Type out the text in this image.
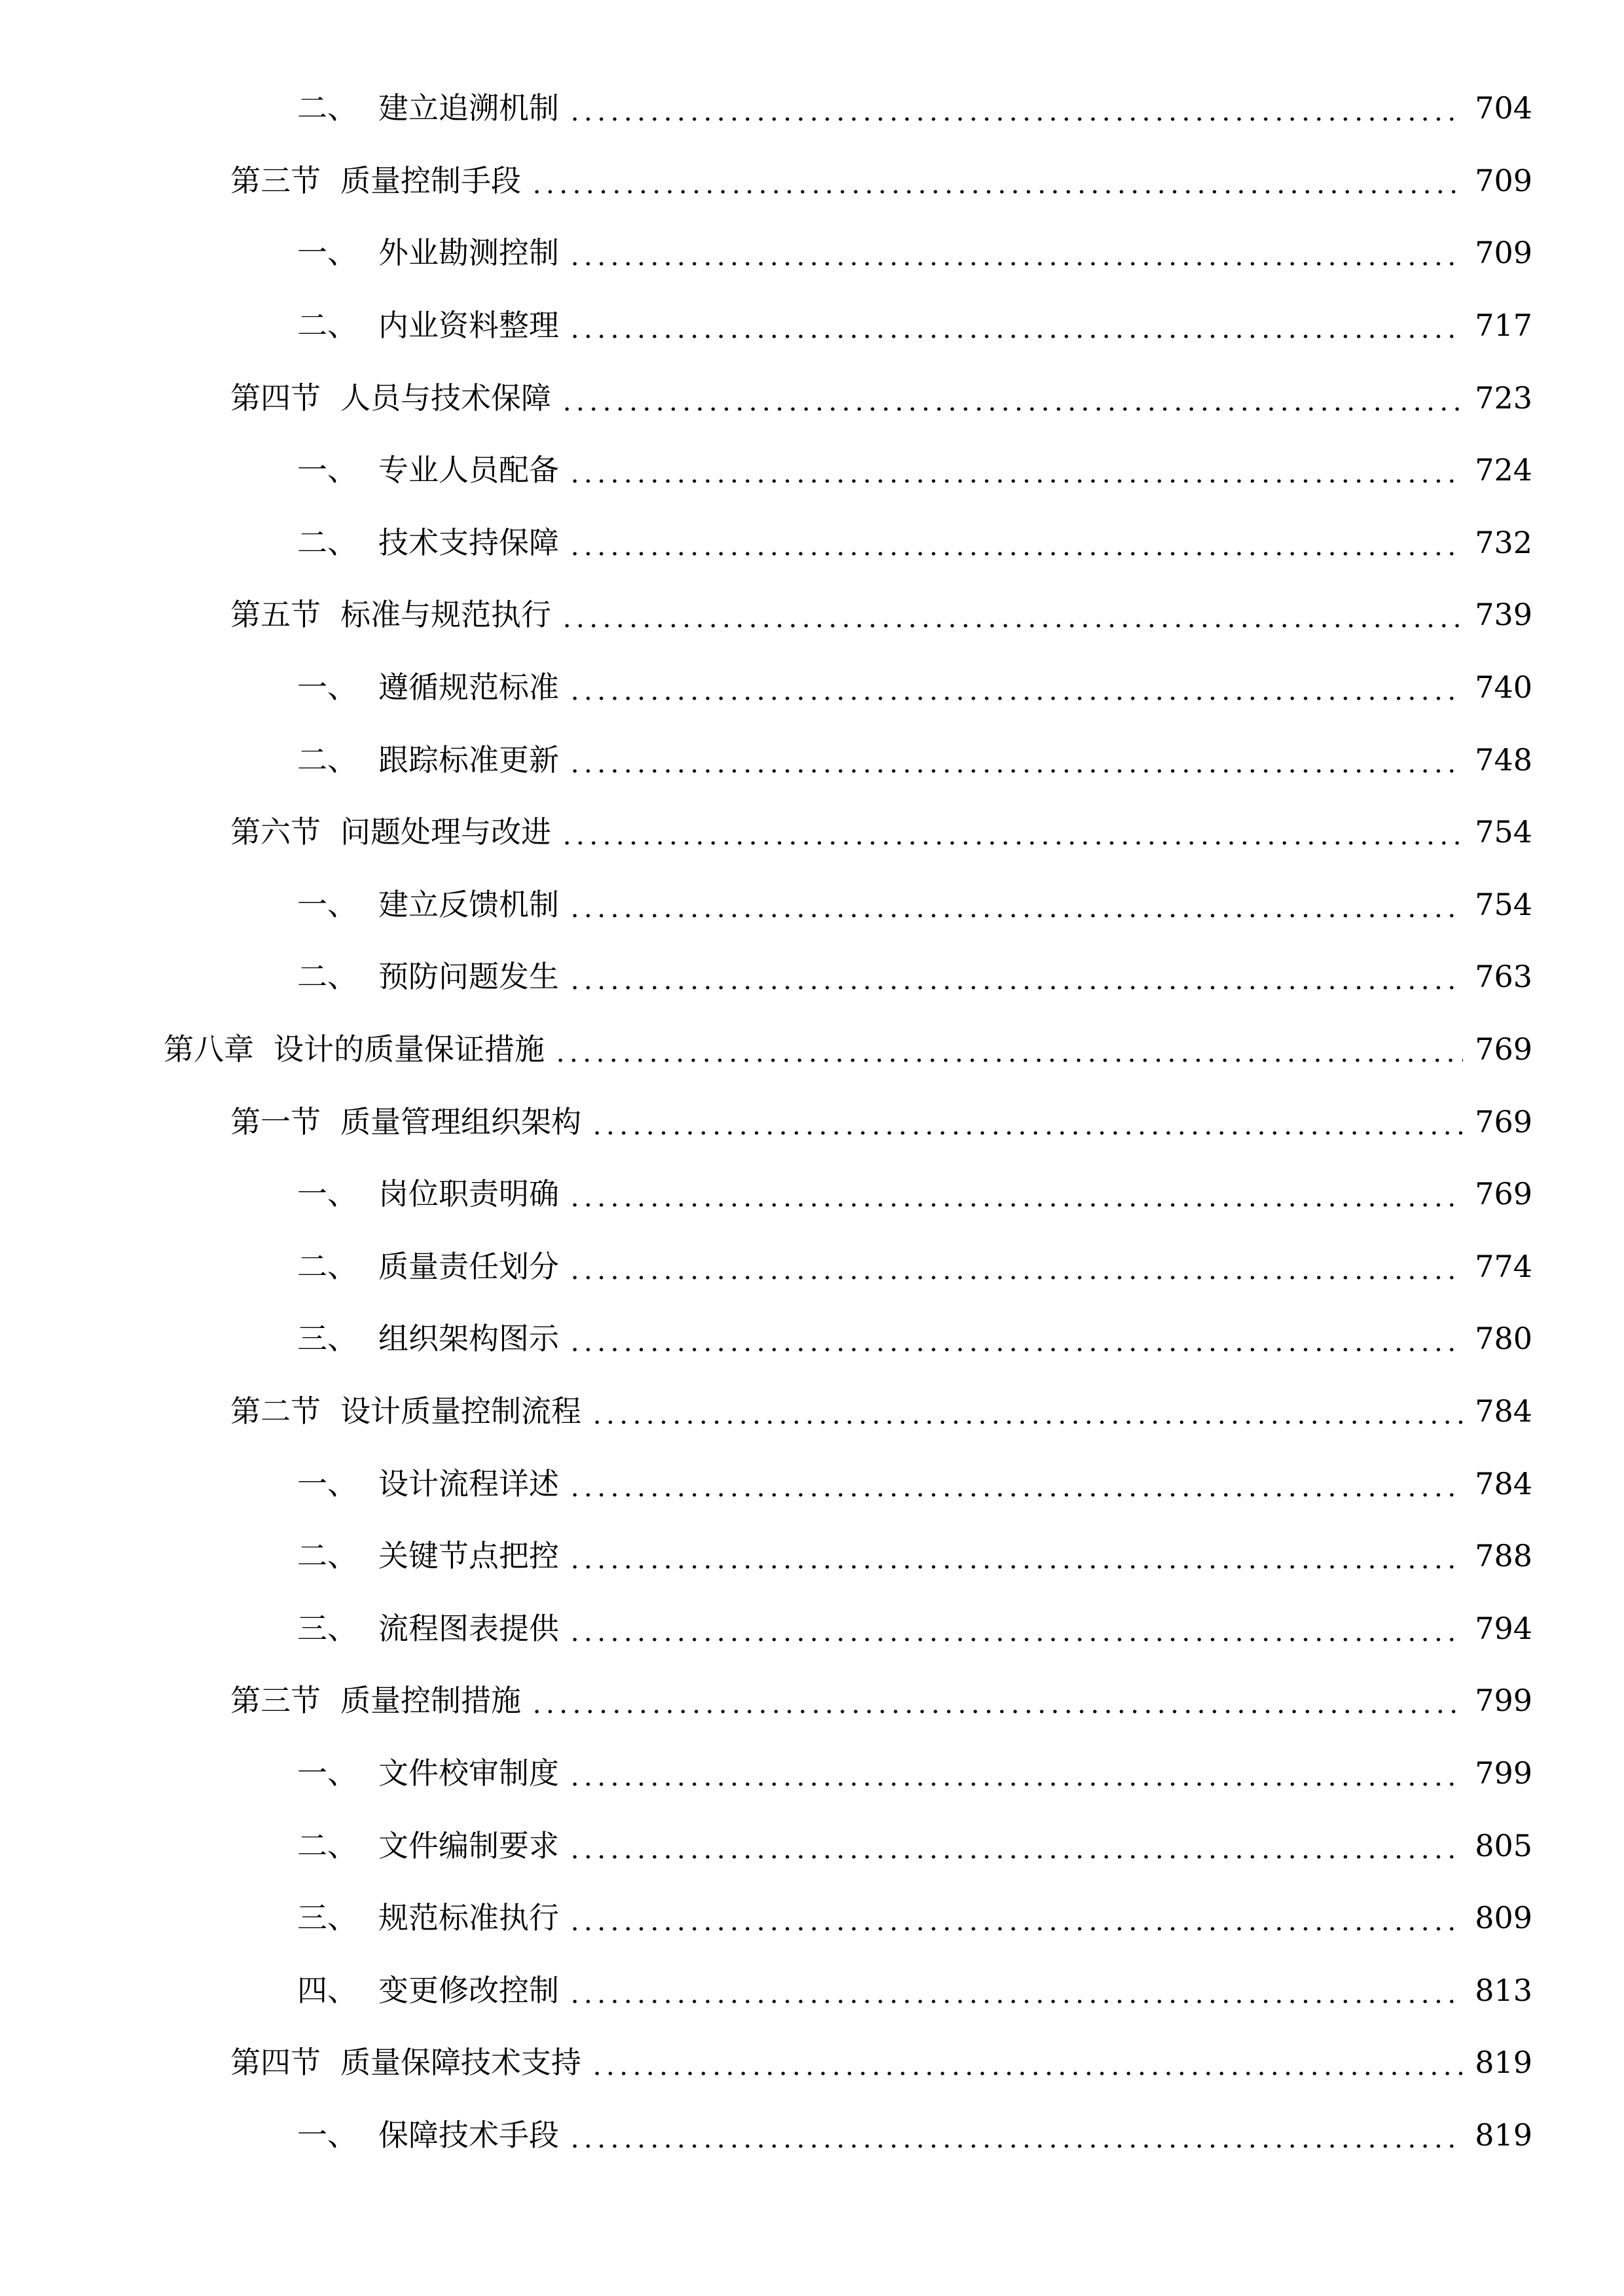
二、 建立追溯机制	704
第三节 质量控制手段	709
一、 外业勘测控制	709
二、 内业资料整理	717
第四节 人员与技术保障	723
一、 专业人员配备	724
二、 技术支持保障	732
第五节 标准与规范执行	739
一、 遵循规范标准	740
二、 跟踪标准更新	748
第六节 问题处理与改进	754
一、 建立反馈机制	754
二、 预防问题发生	763
第八章 设计的质量保证措施	769
第一节 质量管理组织架构	769
一、 岗位职责明确	769
二、 质量责任划分	774
三、 组织架构图示	780
第二节 设计质量控制流程	784
一、 设计流程详述	784
二、 关键节点把控	788
三、 流程图表提供	794
第三节 质量控制措施	799
一、 文件校审制度	799
二、 文件编制要求	805
三、 规范标准执行	809
四、 变更修改控制	813
第四节 质量保障技术支持	819
一、 保障技术手段	819
